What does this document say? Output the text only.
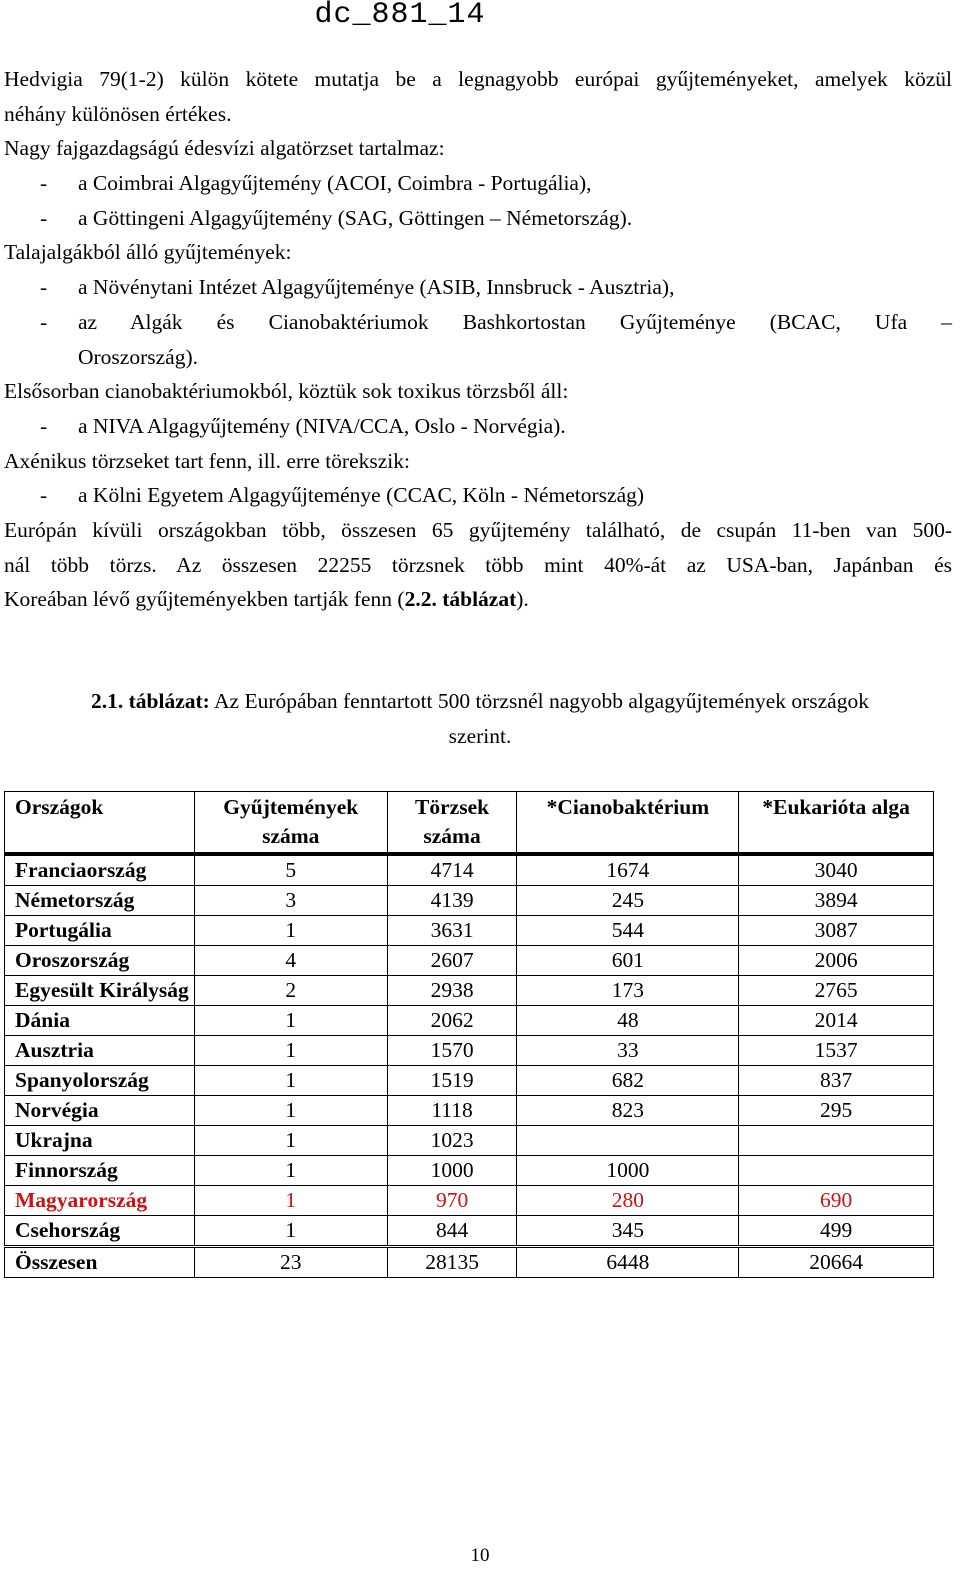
dc_881_14
Hedvigia 79(1-2) külön kötete mutatja be a legnagyobb európai gyűjteményeket, amelyek közül
néhány különösen értékes.
Nagy fajgazdagságú édesvízi algatörzset tartalmaz:
-	a Coimbrai Algagyűjtemény (ACOI, Coimbra - Portugália),
-	a Göttingeni Algagyűjtemény (SAG, Göttingen – Németország).
Talajalgákból álló gyűjtemények:
-	a Növénytani Intézet Algagyűjteménye (ASIB, Innsbruck - Ausztria),
-	az Algák és Cianobaktériumok Bashkortostan Gyűjteménye (BCAC, Ufa –
Oroszország).
Elsősorban cianobaktériumokból, köztük sok toxikus törzsből áll:
-	a NIVA Algagyűjtemény (NIVA/CCA, Oslo - Norvégia).
Axénikus törzseket tart fenn, ill. erre törekszik:
-	a Kölni Egyetem Algagyűjteménye (CCAC, Köln - Németország)
Európán kívüli országokban több, összesen 65 gyűjtemény található, de csupán 11-ben van 500-
nál több törzs. Az összesen 22255 törzsnek több mint 40%-át az USA-ban, Japánban és
Koreában lévő gyűjteményekben tartják fenn (2.2. táblázat).
2.1. táblázat: Az Európában fenntartott 500 törzsnél nagyobb algagyűjtemények országok
szerint.
Országok	Gyűjtemények száma	Törzsek száma	*Cianobaktérium	*Eukarióta alga
Franciaország	5	4714	1674	3040
Németország	3	4139	245	3894
Portugália	1	3631	544	3087
Oroszország	4	2607	601	2006
Egyesült Királyság	2	2938	173	2765
Dánia	1	2062	48	2014
Ausztria	1	1570	33	1537
Spanyolország	1	1519	682	837
Norvégia	1	1118	823	295
Ukrajna	1	1023		
Finnország	1	1000	1000	
Magyarország	1	970	280	690
Csehország	1	844	345	499
Összesen	23	28135	6448	20664
10
